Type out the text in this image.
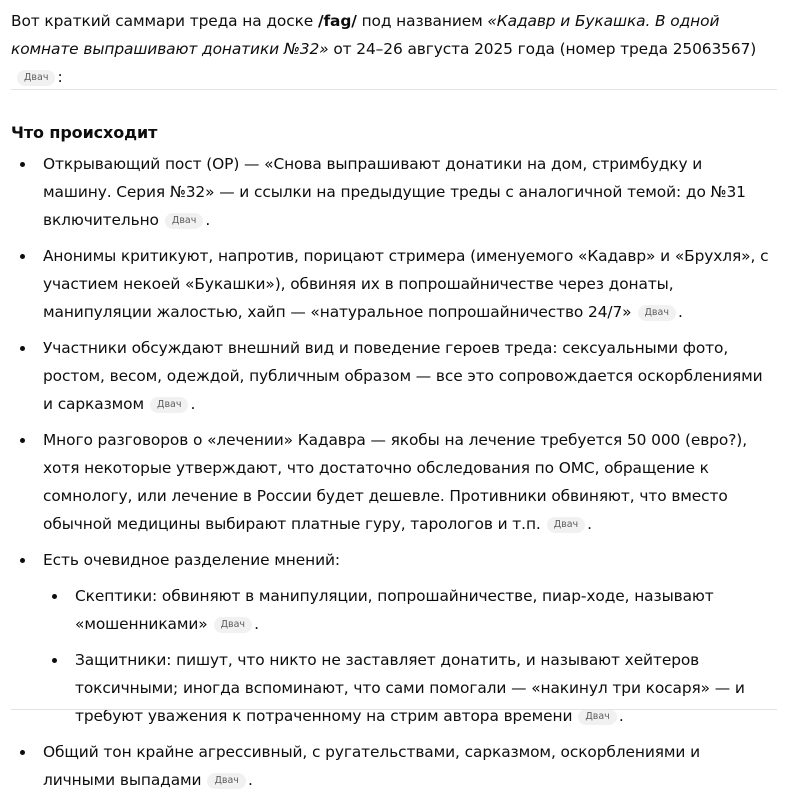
Вот краткий саммари треда на доске /fag/ под названием «Кадавр и Букашка. В одной комнате выпрашивают донатики №32» от 24–26 августа 2025 года (номер треда 25063567)Двач :

Что происходит
Открывающий пост (OP) — «Снова выпрашивают донатики на дом, стримбудку и машину. Серия №32» — и ссылки на предыдущие треды с аналогичной темой: до №31 включительно Двач .
Анонимы критикуют, напротив, порицают стримера (именуемого «Кадавр» и «Брухля», с участием некоей «Букашки»), обвиняя их в попрошайничестве через донаты, манипуляции жалостью, хайп — «натуральное попрошайничество 24/7» Двач .
Участники обсуждают внешний вид и поведение героев треда: сексуальными фото, ростом, весом, одеждой, публичным образом — все это сопровождается оскорблениями и сарказмом Двач .
Много разговоров о «лечении» Кадавра — якобы на лечение требуется 50 000 (евро?), хотя некоторые утверждают, что достаточно обследования по ОМС, обращение к сомнологу, или лечение в России будет дешевле. Противники обвиняют, что вместо обычной медицины выбирают платные гуру, тарологов и т.п. Двач .
Есть очевидное разделение мнений:
Скептики: обвиняют в манипуляции, попрошайничестве, пиар-ходе, называют «мошенниками» Двач .
Защитники: пишут, что никто не заставляет донатить, и называют хейтеров токсичными; иногда вспоминают, что сами помогали — «накинул три косаря» — и требуют уважения к потраченному на стрим автора времени Двач .
Общий тон крайне агрессивный, с ругательствами, сарказмом, оскорблениями и личными выпадами Двач .
